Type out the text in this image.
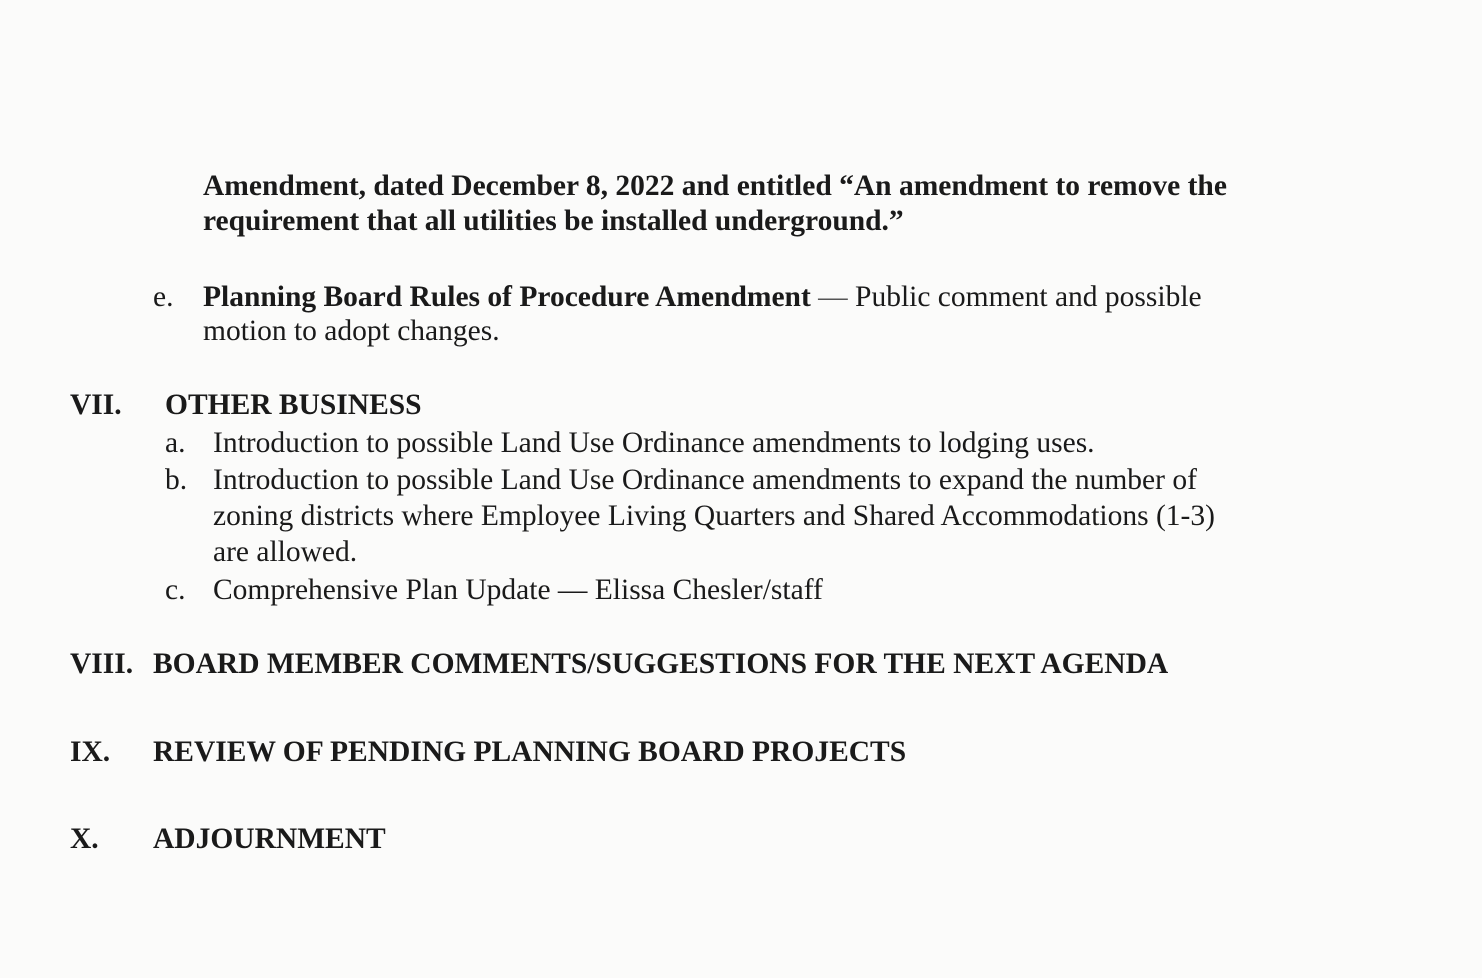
Amendment, dated December 8, 2022 and entitled “An amendment to remove the
requirement that all utilities be installed underground.”
e. Planning Board Rules of Procedure Amendment — Public comment and possible
motion to adopt changes.
VII. OTHER BUSINESS
a. Introduction to possible Land Use Ordinance amendments to lodging uses.
b. Introduction to possible Land Use Ordinance amendments to expand the number of
zoning districts where Employee Living Quarters and Shared Accommodations (1-3)
are allowed.
c. Comprehensive Plan Update — Elissa Chesler/staff
VIII. BOARD MEMBER COMMENTS/SUGGESTIONS FOR THE NEXT AGENDA
IX. REVIEW OF PENDING PLANNING BOARD PROJECTS
X. ADJOURNMENT
